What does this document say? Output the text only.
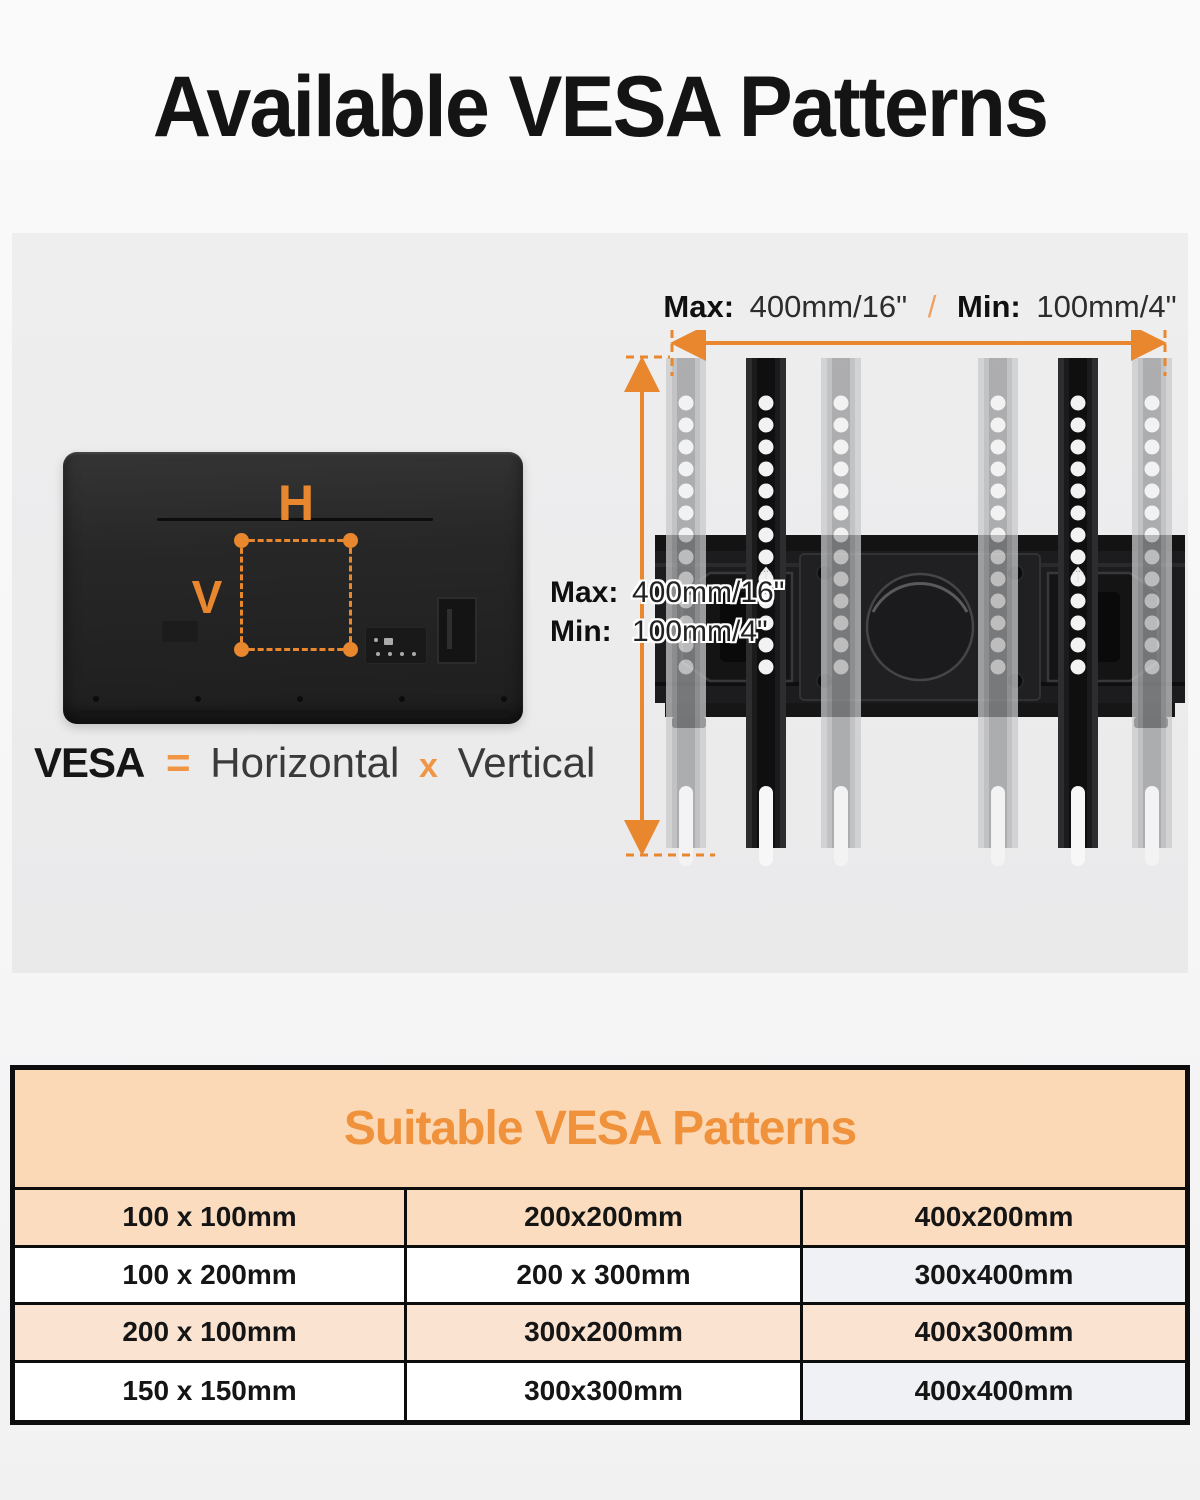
Available VESA Patterns
H
V
VESA = Horizontal x Vertical
Max: 400mm/16" / Min: 100mm/4"
Max: 400mm/16"
Min: 100mm/4"
Suitable VESA Patterns
100 x 100mm	200x200mm	400x200mm
100 x 200mm	200 x 300mm	300x400mm
200 x 100mm	300x200mm	400x300mm
150 x 150mm	300x300mm	400x400mm
